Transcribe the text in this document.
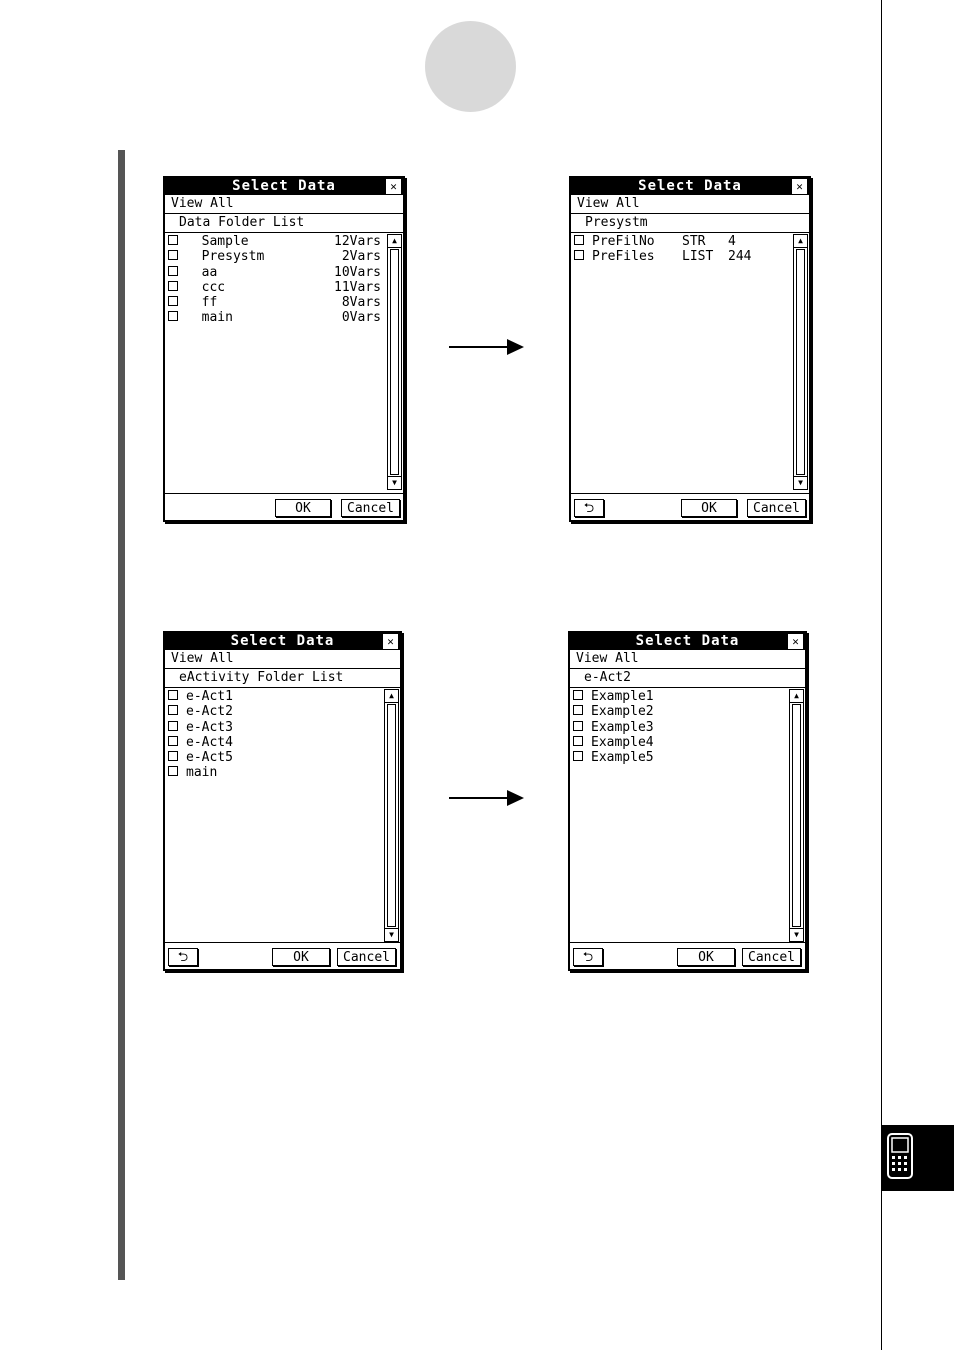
Select Data	✕
View All
Data Folder List
Sample	12Vars
Presystm	2Vars
aa	10Vars
ccc	11Vars
ff	8Vars
main	0Vars
▲
▼
OK	Cancel
Select Data	✕
View All
Presystm
PreFilNo STR 4
PreFiles LIST 244
▲
▼
⮌	OK	Cancel
Select Data	✕
View All
eActivity Folder List
e-Act1
e-Act2
e-Act3
e-Act4
e-Act5
main
▲
▼
⮌	OK	Cancel
Select Data	✕
View All
e-Act2
Example1
Example2
Example3
Example4
Example5
▲
▼
⮌	OK	Cancel
